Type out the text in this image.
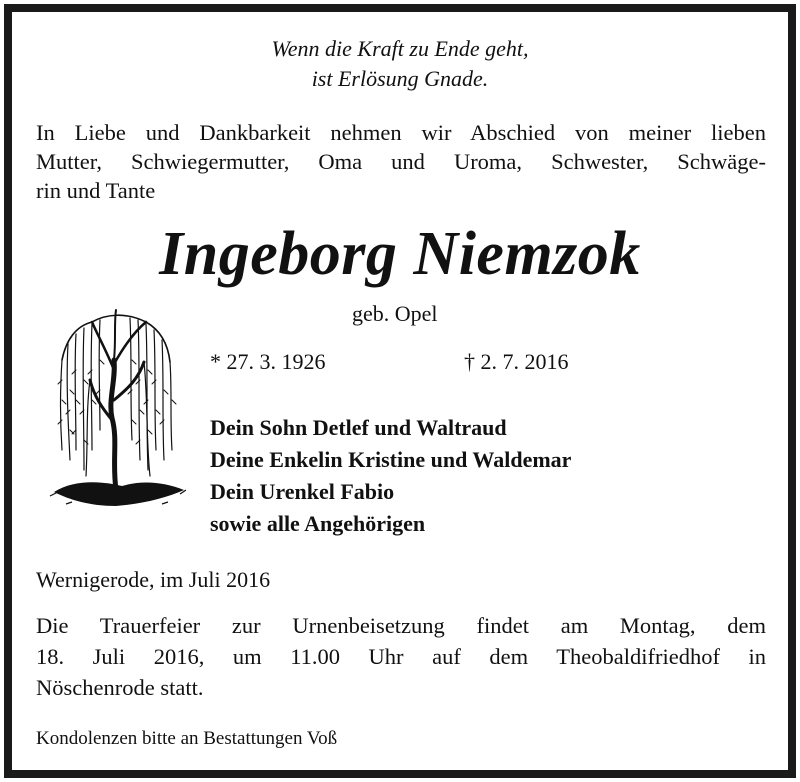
Wenn die Kraft zu Ende geht,
ist Erlösung Gnade.
In Liebe und Dankbarkeit nehmen wir Abschied von meiner lieben
Mutter, Schwiegermutter, Oma und Uroma, Schwester, Schwäge-
rin und Tante
Ingeborg Niemzok
geb. Opel
* 27. 3. 1926	† 2. 7. 2016
Dein Sohn Detlef und Waltraud
Deine Enkelin Kristine und Waldemar
Dein Urenkel Fabio
sowie alle Angehörigen
Wernigerode, im Juli 2016
Die Trauerfeier zur Urnenbeisetzung findet am Montag, dem
18. Juli 2016, um 11.00 Uhr auf dem Theobaldifriedhof in
Nöschenrode statt.
Kondolenzen bitte an Bestattungen Voß
